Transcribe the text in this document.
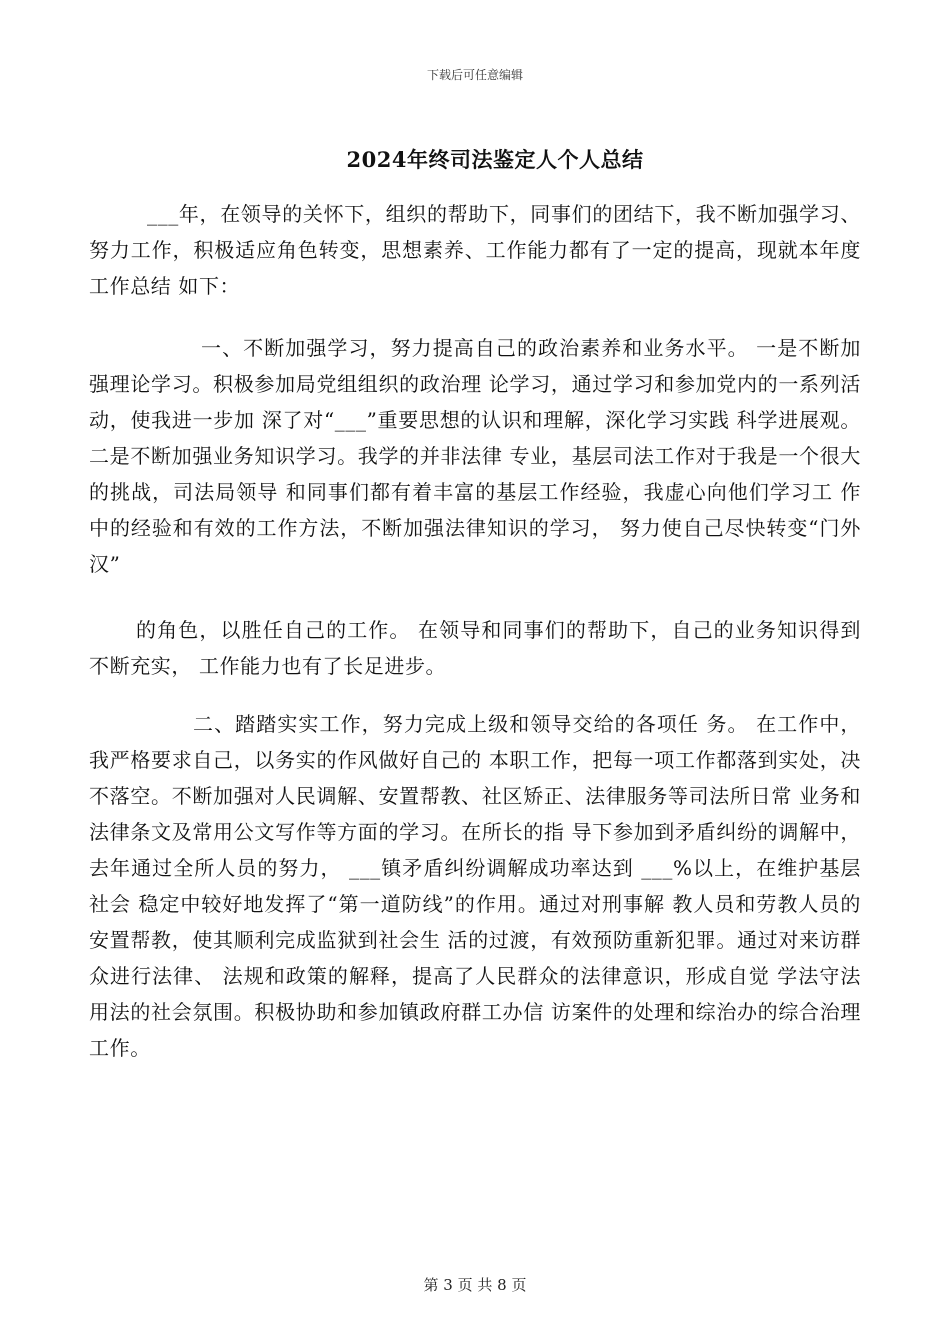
下载后可任意编辑
2024年终司法鉴定人个人总结

___年，在领导的关怀下，组织的帮助下，同事们的团结下，我不断加强学习、努力工作，积极适应角色转变，思想素养、工作能力都有了一定的提高，现就本年度工作总结 如下：

一、不断加强学习，努力提高自己的政治素养和业务水平。 一是不断加强理论学习。积极参加局党组组织的政治理 论学习，通过学习和参加党内的一系列活动，使我进一步加 深了对“___”重要思想的认识和理解，深化学习实践 科学进展观。二是不断加强业务知识学习。我学的并非法律 专业，基层司法工作对于我是一个很大的挑战，司法局领导 和同事们都有着丰富的基层工作经验，我虚心向他们学习工 作中的经验和有效的工作方法，不断加强法律知识的学习， 努力使自己尽快转变“门外汉”

的角色，以胜任自己的工作。 在领导和同事们的帮助下，自己的业务知识得到不断充实， 工作能力也有了长足进步。

二、踏踏实实工作，努力完成上级和领导交给的各项任 务。 在工作中，我严格要求自己，以务实的作风做好自己的 本职工作，把每一项工作都落到实处，决不落空。不断加强对人民调解、安置帮教、社区矫正、法律服务等司法所日常 业务和法律条文及常用公文写作等方面的学习。在所长的指 导下参加到矛盾纠纷的调解中，去年通过全所人员的努力， ___镇矛盾纠纷调解成功率达到 ___%以上，在维护基层社会 稳定中较好地发挥了“第一道防线”的作用。通过对刑事解 教人员和劳教人员的安置帮教，使其顺利完成监狱到社会生 活的过渡，有效预防重新犯罪。通过对来访群众进行法律、 法规和政策的解释，提高了人民群众的法律意识，形成自觉 学法守法用法的社会氛围。积极协助和参加镇政府群工办信 访案件的处理和综治办的综合治理工作。

第 3 页 共 8 页
